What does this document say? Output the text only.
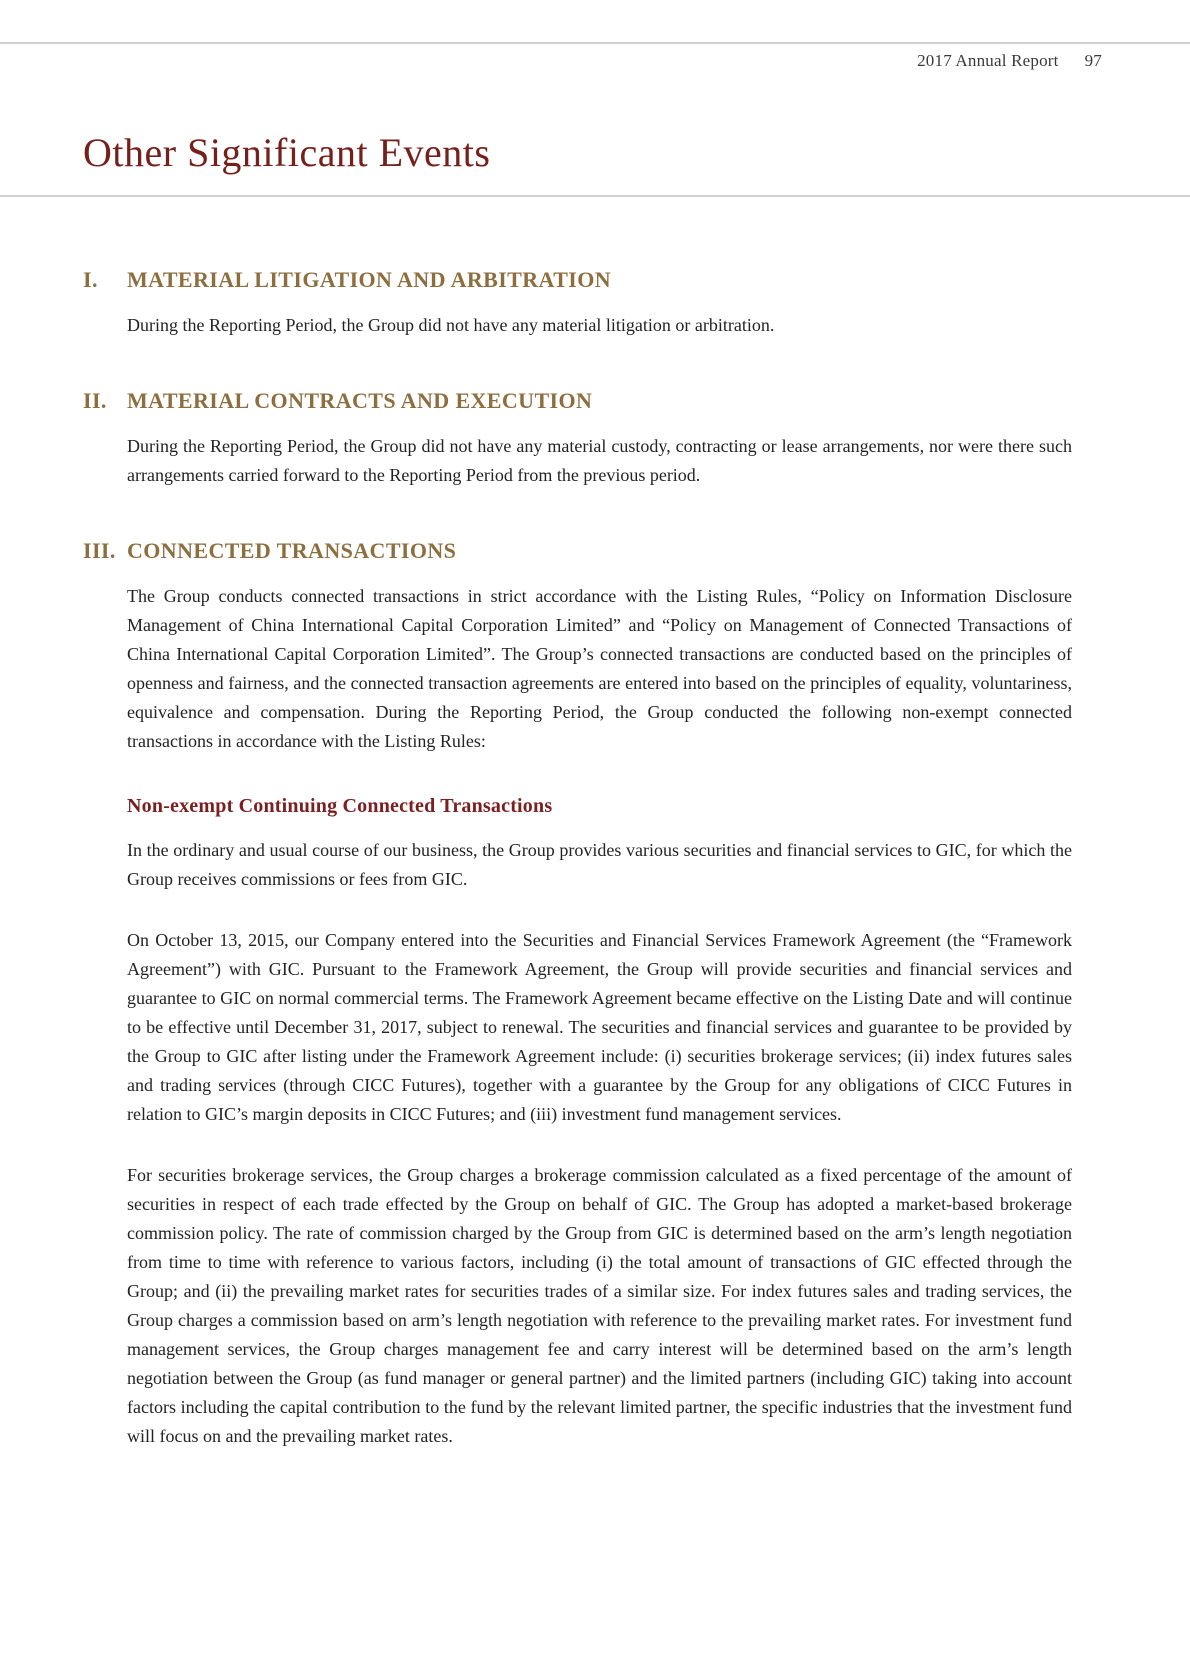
2017 Annual Report 97
Other Significant Events
I.	MATERIAL LITIGATION AND ARBITRATION

During the Reporting Period, the Group did not have any material litigation or arbitration.

II. MATERIAL CONTRACTS AND EXECUTION

During the Reporting Period, the Group did not have any material custody, contracting or lease arrangements, nor were there such arrangements carried forward to the Reporting Period from the previous period.

III. CONNECTED TRANSACTIONS

The Group conducts connected transactions in strict accordance with the Listing Rules, “Policy on Information Disclosure Management of China International Capital Corporation Limited” and “Policy on Management of Connected Transactions of China International Capital Corporation Limited”. The Group’s connected transactions are conducted based on the principles of openness and fairness, and the connected transaction agreements are entered into based on the principles of equality, voluntariness, equivalence and compensation. During the Reporting Period, the Group conducted the following non-exempt connected transactions in accordance with the Listing Rules:

Non-exempt Continuing Connected Transactions

In the ordinary and usual course of our business, the Group provides various securities and financial services to GIC, for which the Group receives commissions or fees from GIC.

On October 13, 2015, our Company entered into the Securities and Financial Services Framework Agreement (the “Framework Agreement”) with GIC. Pursuant to the Framework Agreement, the Group will provide securities and financial services and guarantee to GIC on normal commercial terms. The Framework Agreement became effective on the Listing Date and will continue to be effective until December 31, 2017, subject to renewal. The securities and financial services and guarantee to be provided by the Group to GIC after listing under the Framework Agreement include: (i) securities brokerage services; (ii) index futures sales and trading services (through CICC Futures), together with a guarantee by the Group for any obligations of CICC Futures in relation to GIC’s margin deposits in CICC Futures; and (iii) investment fund management services.

For securities brokerage services, the Group charges a brokerage commission calculated as a fixed percentage of the amount of securities in respect of each trade effected by the Group on behalf of GIC. The Group has adopted a market-based brokerage commission policy. The rate of commission charged by the Group from GIC is determined based on the arm’s length negotiation from time to time with reference to various factors, including (i) the total amount of transactions of GIC effected through the Group; and (ii) the prevailing market rates for securities trades of a similar size. For index futures sales and trading services, the Group charges a commission based on arm’s length negotiation with reference to the prevailing market rates. For investment fund management services, the Group charges management fee and carry interest will be determined based on the arm’s length negotiation between the Group (as fund manager or general partner) and the limited partners (including GIC) taking into account factors including the capital contribution to the fund by the relevant limited partner, the specific industries that the investment fund will focus on and the prevailing market rates.
